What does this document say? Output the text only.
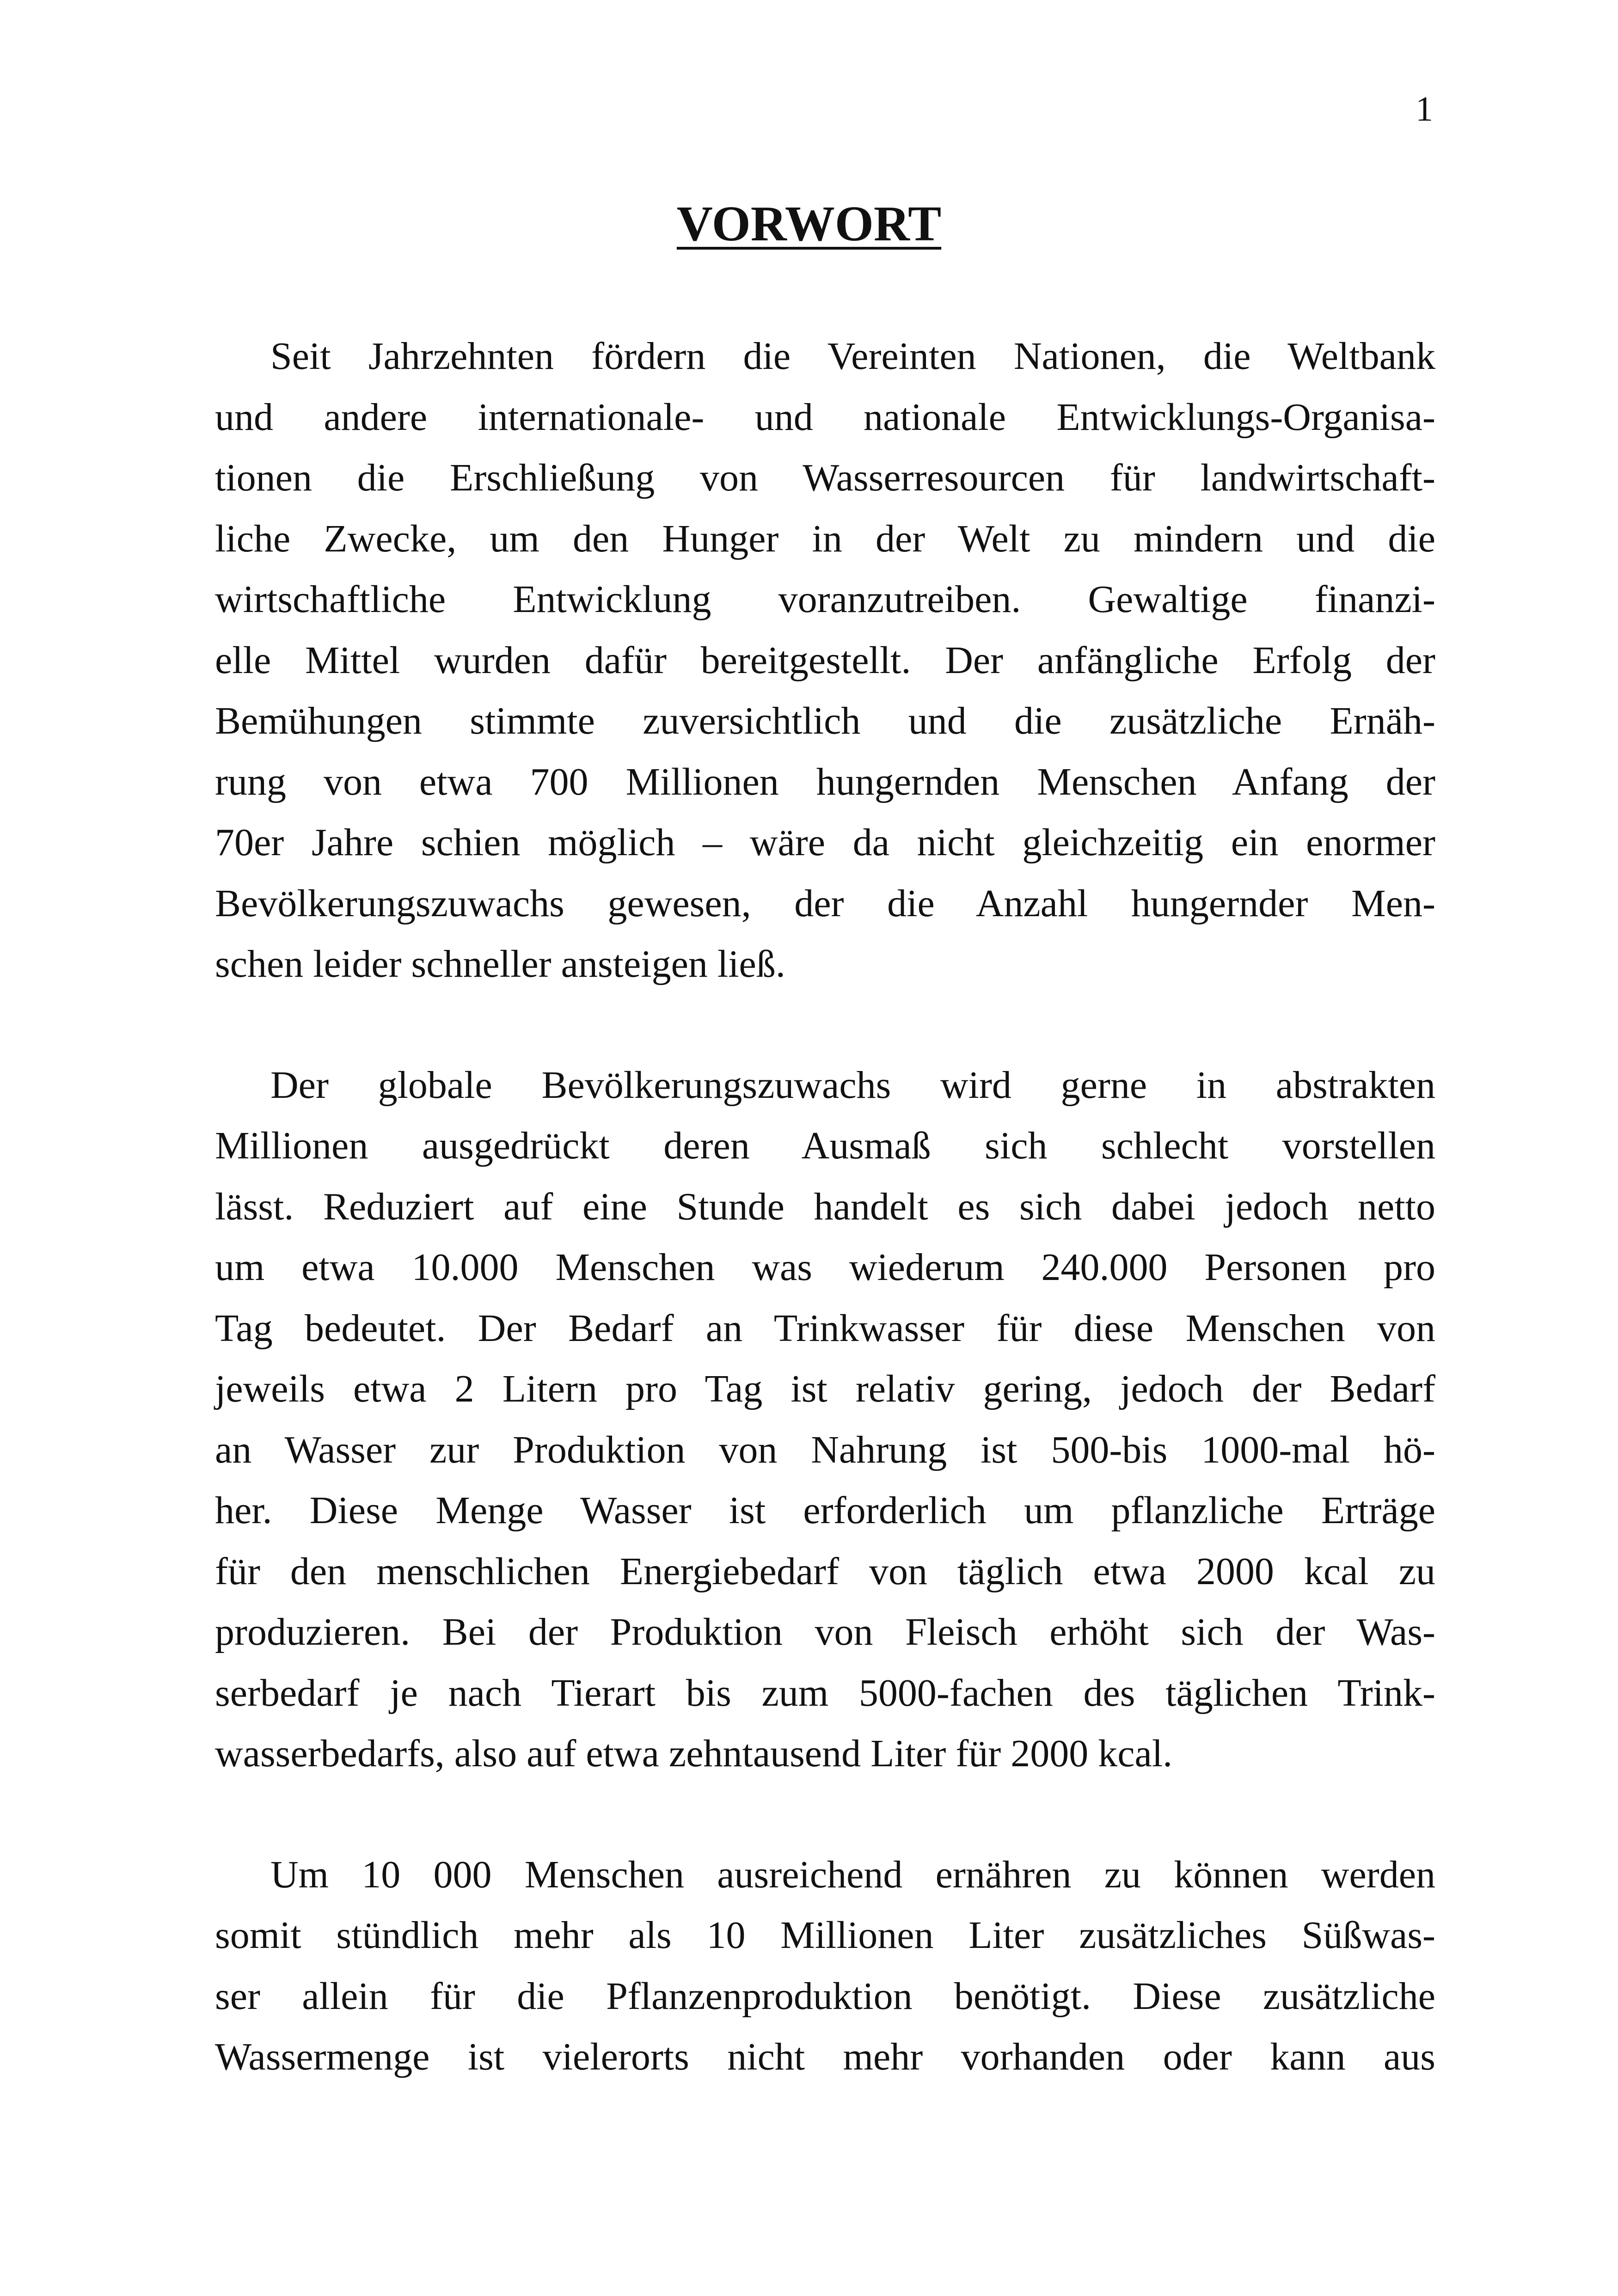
1
VORWORT
Seit Jahrzehnten fördern die Vereinten Nationen, die Weltbank
und andere internationale- und nationale Entwicklungs-Organisa-
tionen die Erschließung von Wasserresourcen für landwirtschaft-
liche Zwecke, um den Hunger in der Welt zu mindern und die
wirtschaftliche Entwicklung voranzutreiben. Gewaltige finanzi-
elle Mittel wurden dafür bereitgestellt. Der anfängliche Erfolg der
Bemühungen stimmte zuversichtlich und die zusätzliche Ernäh-
rung von etwa 700 Millionen hungernden Menschen Anfang der
70er Jahre schien möglich – wäre da nicht gleichzeitig ein enormer
Bevölkerungszuwachs gewesen, der die Anzahl hungernder Men-
schen leider schneller ansteigen ließ.
Der globale Bevölkerungszuwachs wird gerne in abstrakten
Millionen ausgedrückt deren Ausmaß sich schlecht vorstellen
lässt. Reduziert auf eine Stunde handelt es sich dabei jedoch netto
um etwa 10.000 Menschen was wiederum 240.000 Personen pro
Tag bedeutet. Der Bedarf an Trinkwasser für diese Menschen von
jeweils etwa 2 Litern pro Tag ist relativ gering, jedoch der Bedarf
an Wasser zur Produktion von Nahrung ist 500-bis 1000-mal hö-
her. Diese Menge Wasser ist erforderlich um pflanzliche Erträge
für den menschlichen Energiebedarf von täglich etwa 2000 kcal zu
produzieren. Bei der Produktion von Fleisch erhöht sich der Was-
serbedarf je nach Tierart bis zum 5000-fachen des täglichen Trink-
wasserbedarfs, also auf etwa zehntausend Liter für 2000 kcal.
Um 10 000 Menschen ausreichend ernähren zu können werden
somit stündlich mehr als 10 Millionen Liter zusätzliches Süßwas-
ser allein für die Pflanzenproduktion benötigt. Diese zusätzliche
Wassermenge ist vielerorts nicht mehr vorhanden oder kann aus
